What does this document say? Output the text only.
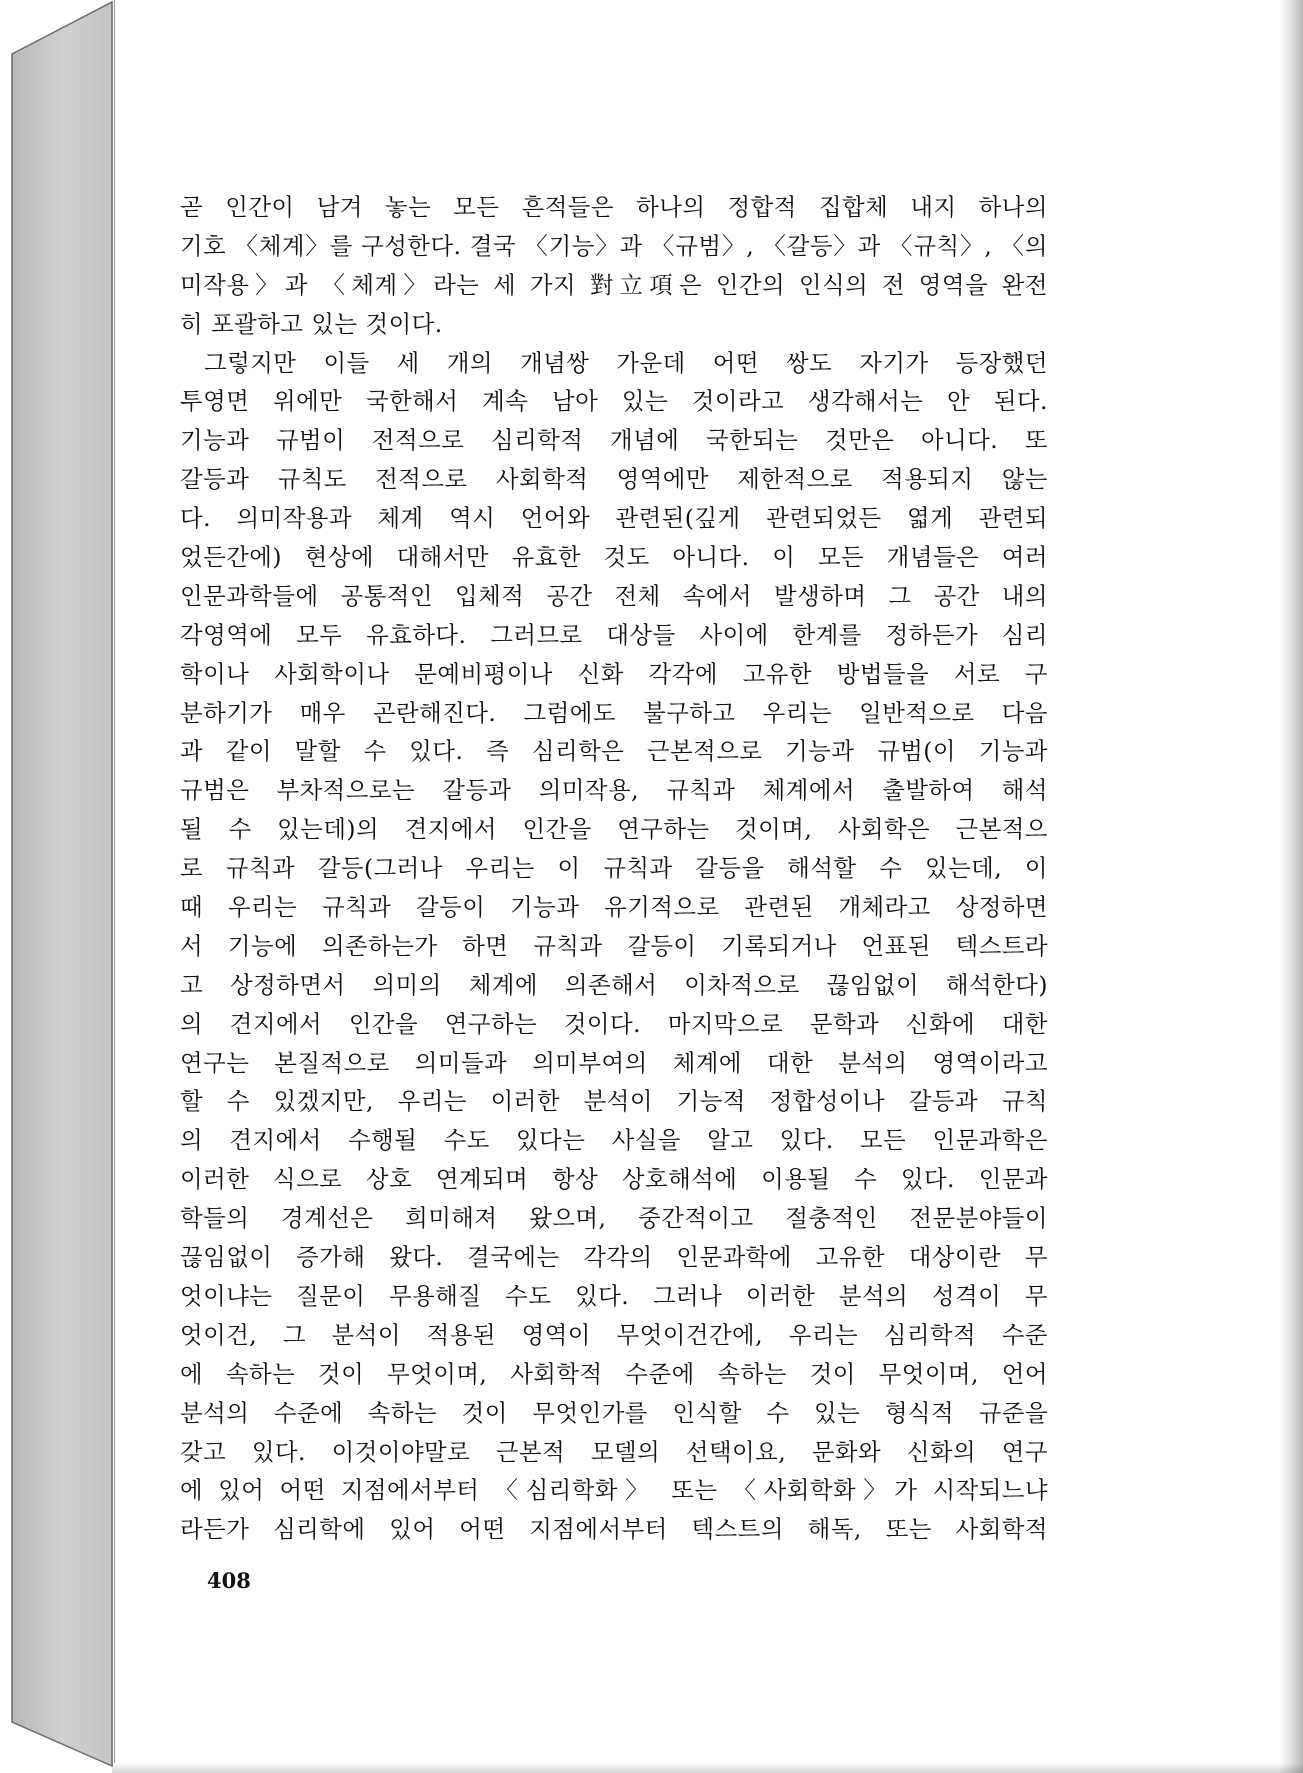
곧 인간이 남겨 놓는 모든 흔적들은 하나의 정합적 집합체 내지 하나의
기호 〈체계〉를 구성한다. 결국 〈기능〉과 〈규범〉, 〈갈등〉과 〈규칙〉, 〈의
미작용〉과 〈체계〉라는 세 가지 對立項은 인간의 인식의 전 영역을 완전
히 포괄하고 있는 것이다.
그렇지만 이들 세 개의 개념쌍 가운데 어떤 쌍도 자기가 등장했던
투영면 위에만 국한해서 계속 남아 있는 것이라고 생각해서는 안 된다.
기능과 규범이 전적으로 심리학적 개념에 국한되는 것만은 아니다. 또
갈등과 규칙도 전적으로 사회학적 영역에만 제한적으로 적용되지 않는
다. 의미작용과 체계 역시 언어와 관련된(깊게 관련되었든 엷게 관련되
었든간에) 현상에 대해서만 유효한 것도 아니다. 이 모든 개념들은 여러
인문과학들에 공통적인 입체적 공간 전체 속에서 발생하며 그 공간 내의
각영역에 모두 유효하다. 그러므로 대상들 사이에 한계를 정하든가 심리
학이나 사회학이나 문예비평이나 신화 각각에 고유한 방법들을 서로 구
분하기가 매우 곤란해진다. 그럼에도 불구하고 우리는 일반적으로 다음
과 같이 말할 수 있다. 즉 심리학은 근본적으로 기능과 규범(이 기능과
규범은 부차적으로는 갈등과 의미작용, 규칙과 체계에서 출발하여 해석
될 수 있는데)의 견지에서 인간을 연구하는 것이며, 사회학은 근본적으
로 규칙과 갈등(그러나 우리는 이 규칙과 갈등을 해석할 수 있는데, 이
때 우리는 규칙과 갈등이 기능과 유기적으로 관련된 개체라고 상정하면
서 기능에 의존하는가 하면 규칙과 갈등이 기록되거나 언표된 텍스트라
고 상정하면서 의미의 체계에 의존해서 이차적으로 끊임없이 해석한다)
의 견지에서 인간을 연구하는 것이다. 마지막으로 문학과 신화에 대한
연구는 본질적으로 의미들과 의미부여의 체계에 대한 분석의 영역이라고
할 수 있겠지만, 우리는 이러한 분석이 기능적 정합성이나 갈등과 규칙
의 견지에서 수행될 수도 있다는 사실을 알고 있다. 모든 인문과학은
이러한 식으로 상호 연계되며 항상 상호해석에 이용될 수 있다. 인문과
학들의 경계선은 희미해져 왔으며, 중간적이고 절충적인 전문분야들이
끊임없이 증가해 왔다. 결국에는 각각의 인문과학에 고유한 대상이란 무
엇이냐는 질문이 무용해질 수도 있다. 그러나 이러한 분석의 성격이 무
엇이건, 그 분석이 적용된 영역이 무엇이건간에, 우리는 심리학적 수준
에 속하는 것이 무엇이며, 사회학적 수준에 속하는 것이 무엇이며, 언어
분석의 수준에 속하는 것이 무엇인가를 인식할 수 있는 형식적 규준을
갖고 있다. 이것이야말로 근본적 모델의 선택이요, 문화와 신화의 연구
에 있어 어떤 지점에서부터 〈심리학화〉 또는 〈사회학화〉가 시작되느냐
라든가 심리학에 있어 어떤 지점에서부터 텍스트의 해독, 또는 사회학적
408
